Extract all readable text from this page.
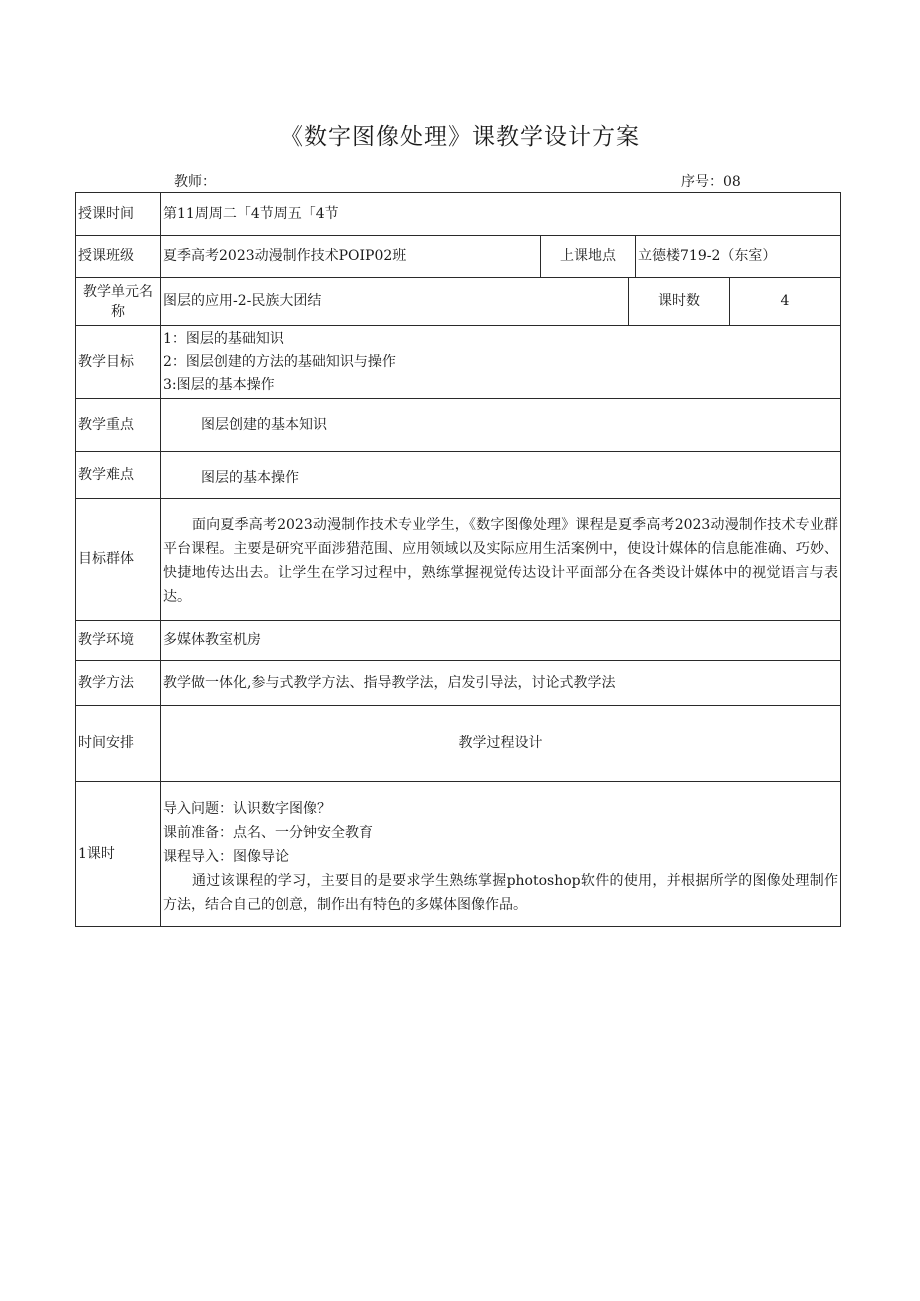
《数字图像处理》课教学设计方案
教师：	序号：08
授课时间	第11周周二「4节周五「4节				
授课班级	夏季高考2023动漫制作技术POIP02班	上课地点		立德楼719-2（东室）	
教学单元名称	图层的应用-2-民族大团结		课时数		4
教学目标	1：图层的基础知识
2：图层创建的方法的基础知识与操作
3:图层的基本操作				

教学重点	图层创建的基本知识				
教学难点	图层的基本操作				
目标群体	面向夏季高考2023动漫制作技术专业学生，《数字图像处理》课程是夏季高考2023动漫制作技术专业群平台课程。主要是研究平面涉猎范围、应用领域以及实际应用生活案例中，使设计媒体的信息能准确、巧妙、快捷地传达出去。让学生在学习过程中，熟练掌握视觉传达设计平面部分在各类设计媒体中的视觉语言与表达。				

教学环境	多媒体教室机房				
教学方法	教学做一体化,参与式教学方法、指导教学法，启发引导法，讨论式教学法				
时间安排	教学过程设计				
1课时	导入问题：认识数字图像？
课前准备：点名、一分钟安全教育
课程导入：图像导论

通过该课程的学习，主要目的是要求学生熟练掌握photoshop软件的使用，并根据所学的图像处理制作方法，结合自己的创意，制作出有特色的多媒体图像作品。				
